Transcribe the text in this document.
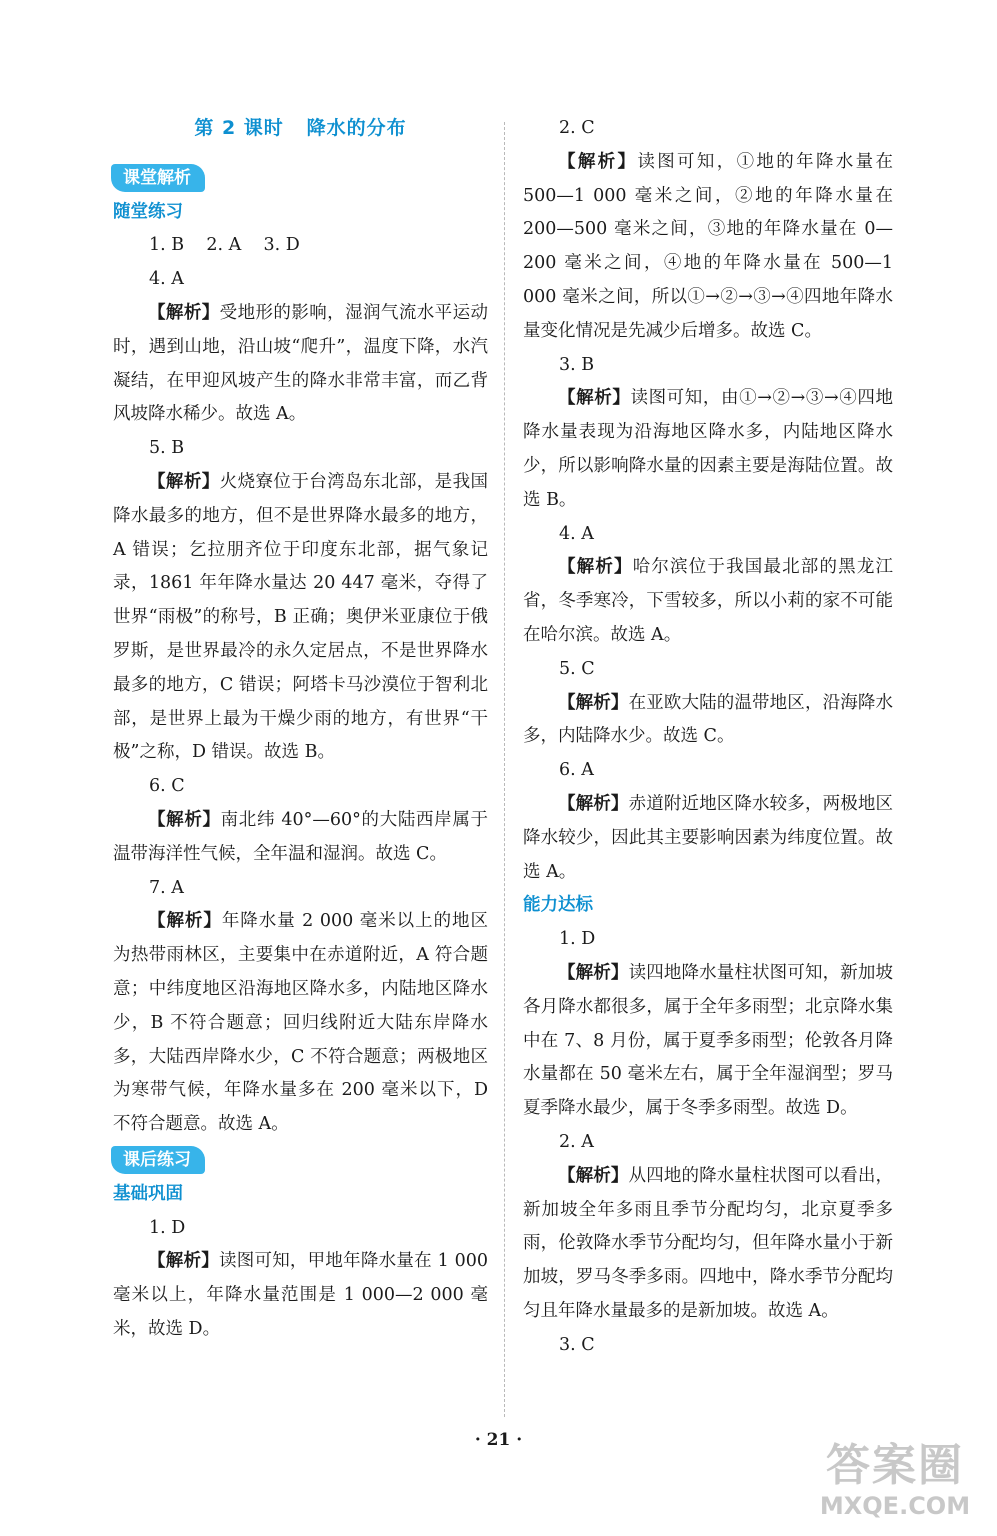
第 2 课时   降水的分布
课堂解析
随堂练习
1. B    2. A    3. D
4. A
【解析】受地形的影响，湿润气流水平运动时，遇到山地，沿山坡“爬升”，温度下降，水汽凝结，在甲迎风坡产生的降水非常丰富，而乙背风坡降水稀少。故选 A。
5. B
【解析】火烧寮位于台湾岛东北部，是我国降水最多的地方，但不是世界降水最多的地方，A 错误；乞拉朋齐位于印度东北部，据气象记录，1861 年年降水量达 20 447 毫米，夺得了世界“雨极”的称号，B 正确；奥伊米亚康位于俄罗斯，是世界最冷的永久定居点，不是世界降水最多的地方，C 错误；阿塔卡马沙漠位于智利北部，是世界上最为干燥少雨的地方，有世界“干极”之称，D 错误。故选 B。
6. C
【解析】南北纬 40°—60°的大陆西岸属于温带海洋性气候，全年温和湿润。故选 C。
7. A
【解析】年降水量 2 000 毫米以上的地区为热带雨林区，主要集中在赤道附近，A 符合题意；中纬度地区沿海地区降水多，内陆地区降水少，B 不符合题意；回归线附近大陆东岸降水多，大陆西岸降水少，C 不符合题意；两极地区为寒带气候，年降水量多在 200 毫米以下，D 不符合题意。故选 A。
课后练习
基础巩固
1. D
【解析】读图可知，甲地年降水量在 1 000 毫米以上，年降水量范围是 1 000—2 000 毫米，故选 D。
2. C
【解析】读图可知，①地的年降水量在 500—1 000 毫米之间，②地的年降水量在 200—500 毫米之间，③地的年降水量在 0—200 毫米之间，④地的年降水量在 500—1 000 毫米之间，所以①→②→③→④四地年降水量变化情况是先减少后增多。故选 C。
3. B
【解析】读图可知，由①→②→③→④四地降水量表现为沿海地区降水多，内陆地区降水少，所以影响降水量的因素主要是海陆位置。故选 B。
4. A
【解析】哈尔滨位于我国最北部的黑龙江省，冬季寒冷，下雪较多，所以小莉的家不可能在哈尔滨。故选 A。
5. C
【解析】在亚欧大陆的温带地区，沿海降水多，内陆降水少。故选 C。
6. A
【解析】赤道附近地区降水较多，两极地区降水较少，因此其主要影响因素为纬度位置。故选 A。
能力达标
1. D
【解析】读四地降水量柱状图可知，新加坡各月降水都很多，属于全年多雨型；北京降水集中在 7、8 月份，属于夏季多雨型；伦敦各月降水量都在 50 毫米左右，属于全年湿润型；罗马夏季降水最少，属于冬季多雨型。故选 D。
2. A
【解析】从四地的降水量柱状图可以看出，新加坡全年多雨且季节分配均匀，北京夏季多雨，伦敦降水季节分配均匀，但年降水量小于新加坡，罗马冬季多雨。四地中，降水季节分配均匀且年降水量最多的是新加坡。故选 A。
3. C
· 21 ·	答案圈
MXQE.COM
